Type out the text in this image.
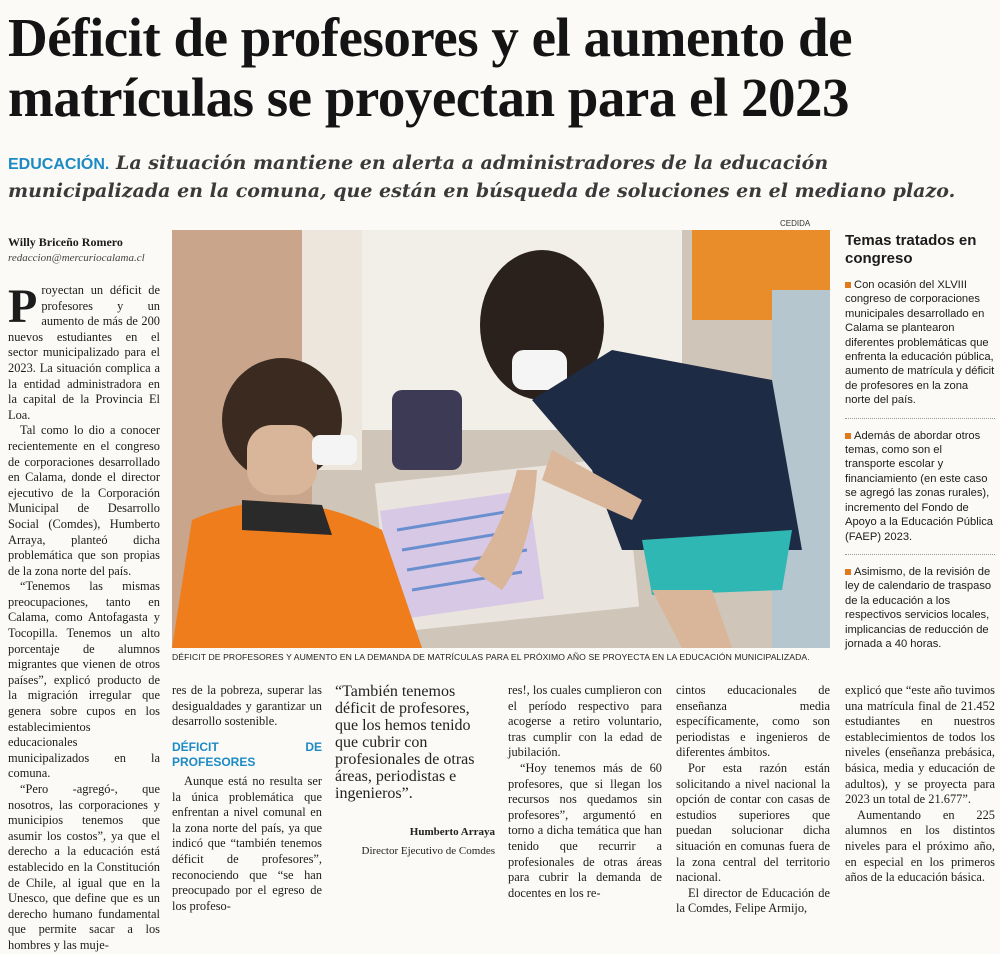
Déficit de profesores y el aumento de matrículas se proyectan para el 2023

EDUCACIÓN. La situación mantiene en alerta a administradores de la educación municipalizada en la comuna, que están en búsqueda de soluciones en el mediano plazo.

Willy Briceño Romero
redaccion@mercuriocalama.cl

Proyectan un déficit de profesores y un aumento de más de 200 nuevos estudiantes en el sector municipalizado para el 2023. La situación complica a la entidad administradora en la capital de la Provincia El Loa.

Tal como lo dio a conocer recientemente en el congreso de corporaciones desarrollado en Calama, donde el director ejecutivo de la Corporación Municipal de Desarrollo Social (Comdes), Humberto Arraya, planteó dicha problemática que son propias de la zona norte del país.

“Tenemos las mismas preocupaciones, tanto en Calama, como Antofagasta y Tocopilla. Tenemos un alto porcentaje de alumnos migrantes que vienen de otros países”, explicó producto de la migración irregular que genera sobre cupos en los establecimientos educacionales municipalizados en la comuna.

“Pero -agregó-, que nosotros, las corporaciones y municipios tenemos que asumir los costos”, ya que el derecho a la educación está establecido en la Constitución de Chile, al igual que en la Unesco, que define que es un derecho humano fundamental que permite sacar a los hombres y las muje-

CEDIDA
DÉFICIT DE PROFESORES Y AUMENTO EN LA DEMANDA DE MATRÍCULAS PARA EL PRÓXIMO AÑO SE PROYECTA EN LA EDUCACIÓN MUNICIPALIZADA.

res de la pobreza, superar las desigualdades y garantizar un desarrollo sostenible.

DÉFICIT DE PROFESORES

Aunque está no resulta ser la única problemática que enfrentan a nivel comunal en la zona norte del país, ya que indicó que “también tenemos déficit de profesores”, reconociendo que “se han preocupado por el egreso de los profeso-

“También tenemos déficit de profesores, que los hemos tenido que cubrir con profesionales de otras áreas, periodistas e ingenieros”.
Humberto Arraya
Director Ejecutivo de Comdes

res!, los cuales cumplieron con el período respectivo para acogerse a retiro voluntario, tras cumplir con la edad de jubilación.

“Hoy tenemos más de 60 profesores, que si llegan los recursos nos quedamos sin profesores”, argumentó en torno a dicha temática que han tenido que recurrir a profesionales de otras áreas para cubrir la demanda de docentes en los re-

cintos educacionales de enseñanza media específicamente, como son periodistas e ingenieros de diferentes ámbitos.

Por esta razón están solicitando a nivel nacional la opción de contar con casas de estudios superiores que puedan solucionar dicha situación en comunas fuera de la zona central del territorio nacional.

El director de Educación de la Comdes, Felipe Armijo,

explicó que “este año tuvimos una matrícula final de 21.452 estudiantes en nuestros establecimientos de todos los niveles (enseñanza prebásica, básica, media y educación de adultos), y se proyecta para 2023 un total de 21.677”.

Aumentando en 225 alumnos en los distintos niveles para el próximo año, en especial en los primeros años de la educación básica.

Temas tratados en congreso
Con ocasión del XLVIII congreso de corporaciones municipales desarrollado en Calama se plantearon diferentes problemáticas que enfrenta la educación pública, aumento de matrícula y déficit de profesores en la zona norte del país.
Además de abordar otros temas, como son el transporte escolar y financiamiento (en este caso se agregó las zonas rurales), incremento del Fondo de Apoyo a la Educación Pública (FAEP) 2023.
Asimismo, de la revisión de ley de calendario de traspaso de la educación a los respectivos servicios locales, implicancias de reducción de jornada a 40 horas.
